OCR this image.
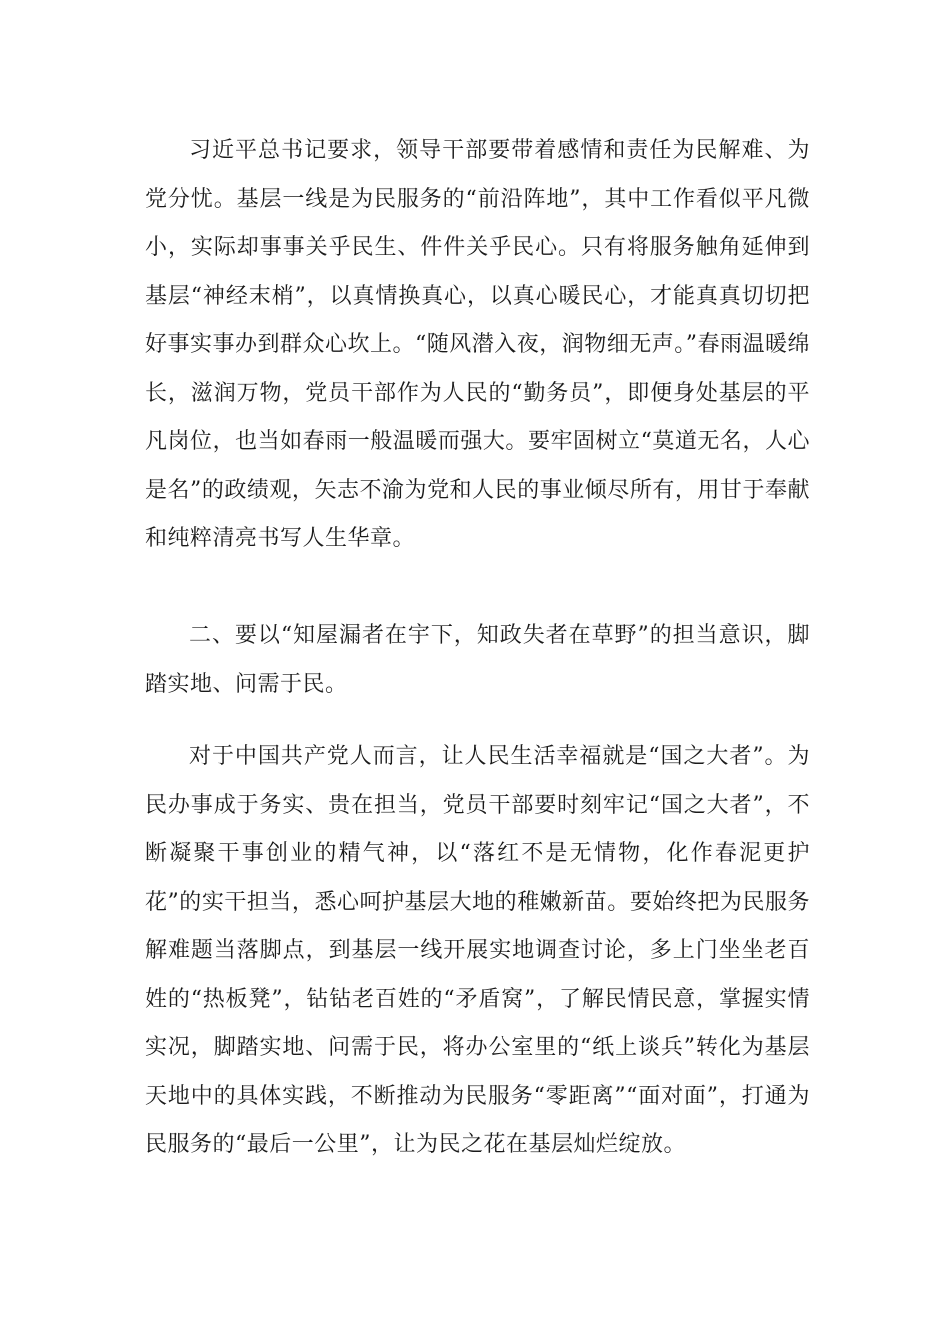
习近平总书记要求，领导干部要带着感情和责任为民解难、为党分忧。基层一线是为民服务的“前沿阵地”，其中工作看似平凡微小，实际却事事关乎民生、件件关乎民心。只有将服务触角延伸到基层“神经末梢”，以真情换真心，以真心暖民心，才能真真切切把好事实事办到群众心坎上。“随风潜入夜，润物细无声。”春雨温暖绵长，滋润万物，党员干部作为人民的“勤务员”，即便身处基层的平凡岗位，也当如春雨一般温暖而强大。要牢固树立“莫道无名，人心是名”的政绩观，矢志不渝为党和人民的事业倾尽所有，用甘于奉献和纯粹清亮书写人生华章。

二、要以“知屋漏者在宇下，知政失者在草野”的担当意识，脚踏实地、问需于民。

对于中国共产党人而言，让人民生活幸福就是“国之大者”。为民办事成于务实、贵在担当，党员干部要时刻牢记“国之大者”，不断凝聚干事创业的精气神，以“落红不是无情物，化作春泥更护花”的实干担当，悉心呵护基层大地的稚嫩新苗。要始终把为民服务解难题当落脚点，到基层一线开展实地调查讨论，多上门坐坐老百姓的“热板凳”，钻钻老百姓的“矛盾窝”，了解民情民意，掌握实情实况，脚踏实地、问需于民，将办公室里的“纸上谈兵”转化为基层天地中的具体实践，不断推动为民服务“零距离”“面对面”，打通为民服务的“最后一公里”，让为民之花在基层灿烂绽放。
